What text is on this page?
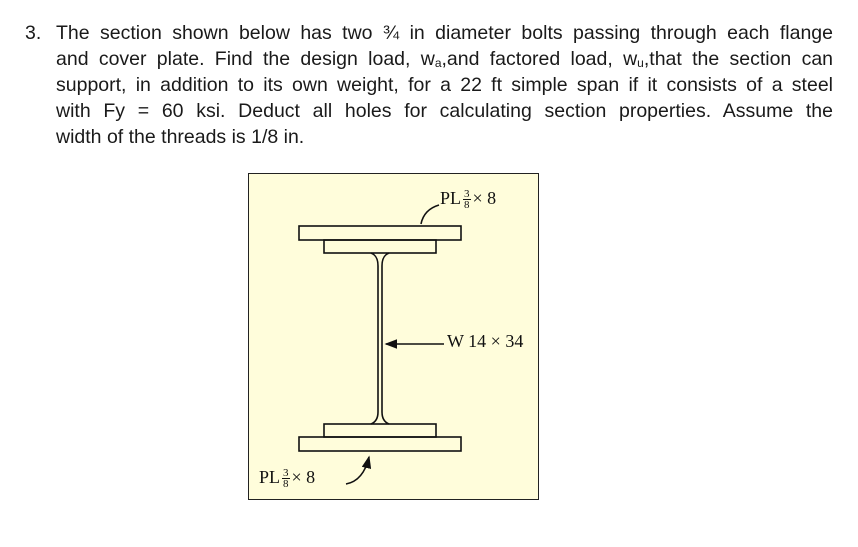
3. The section shown below has two ¾ in diameter bolts passing through each flange
and cover plate. Find the design load, wa,and factored load, wu,that the section can
support, in addition to its own weight, for a 22 ft simple span if it consists of a steel
with Fy = 60 ksi. Deduct all holes for calculating section properties. Assume the
width of the threads is 1/8 in.
PL $\frac{3}{8} \times 8$
W 14 × 34
PL $\frac{3}{8} \times 8$
